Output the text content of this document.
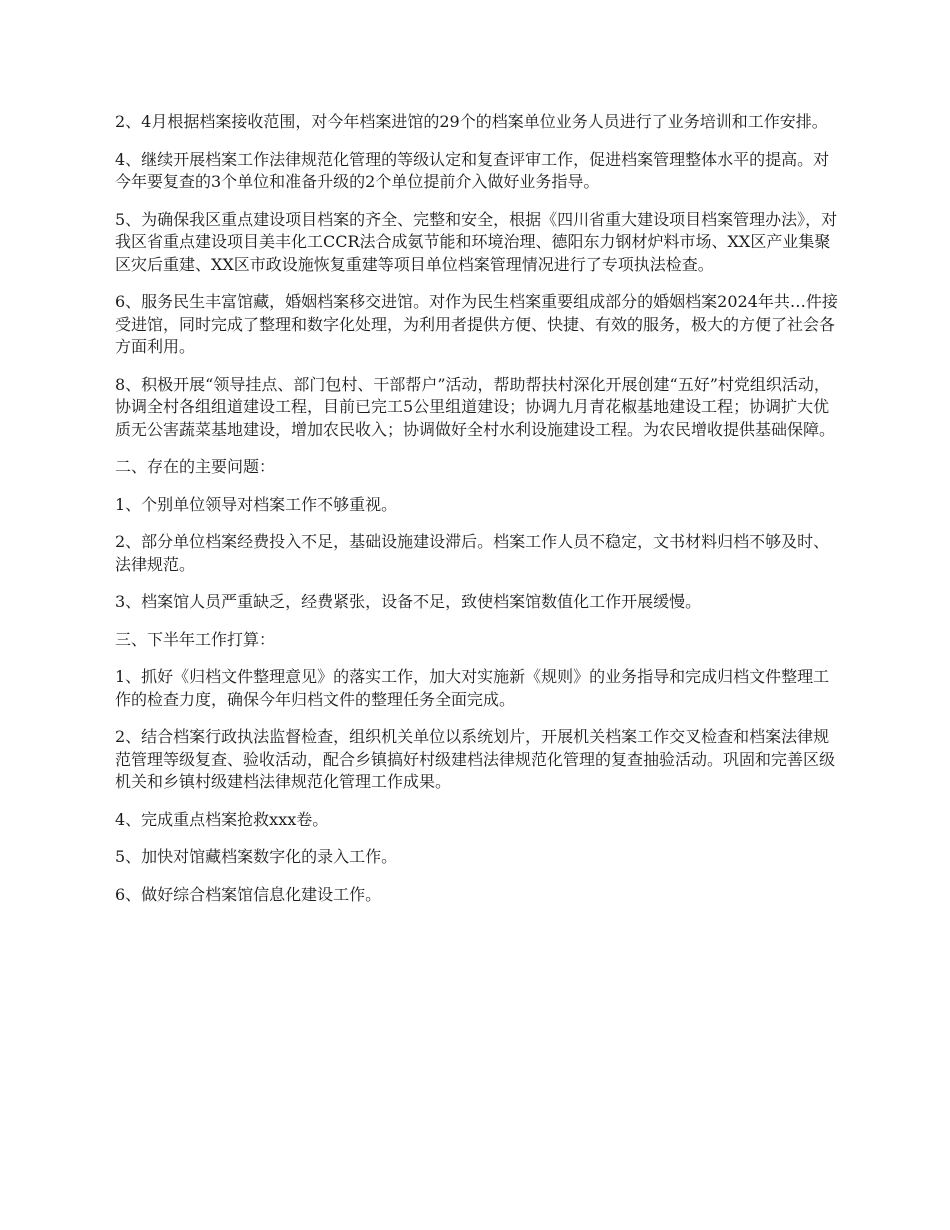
2、4月根据档案接收范围，对今年档案进馆的29个的档案单位业务人员进行了业务培训和工作安排。

4、继续开展档案工作法律规范化管理的等级认定和复查评审工作，促进档案管理整体水平的提高。对今年要复查的3个单位和准备升级的2个单位提前介入做好业务指导。

5、为确保我区重点建设项目档案的齐全、完整和安全，根据《四川省重大建设项目档案管理办法》，对我区省重点建设项目美丰化工CCR法合成氨节能和环境治理、德阳东力钢材炉料市场、XX区产业集聚区灾后重建、XX区市政设施恢复重建等项目单位档案管理情况进行了专项执法检查。

6、服务民生丰富馆藏，婚姻档案移交进馆。对作为民生档案重要组成部分的婚姻档案2024年共…件接受进馆，同时完成了整理和数字化处理，为利用者提供方便、快捷、有效的服务，极大的方便了社会各方面利用。

8、积极开展“领导挂点、部门包村、干部帮户”活动，帮助帮扶村深化开展创建“五好”村党组织活动，协调全村各组组道建设工程，目前已完工5公里组道建设；协调九月青花椒基地建设工程；协调扩大优质无公害蔬菜基地建设，增加农民收入；协调做好全村水利设施建设工程。为农民增收提供基础保障。

二、存在的主要问题：

1、个别单位领导对档案工作不够重视。

2、部分单位档案经费投入不足，基础设施建设滞后。档案工作人员不稳定，文书材料归档不够及时、法律规范。

3、档案馆人员严重缺乏，经费紧张，设备不足，致使档案馆数值化工作开展缓慢。

三、下半年工作打算：

1、抓好《归档文件整理意见》的落实工作，加大对实施新《规则》的业务指导和完成归档文件整理工作的检查力度，确保今年归档文件的整理任务全面完成。

2、结合档案行政执法监督检查，组织机关单位以系统划片，开展机关档案工作交叉检查和档案法律规范管理等级复查、验收活动，配合乡镇搞好村级建档法律规范化管理的复查抽验活动。巩固和完善区级机关和乡镇村级建档法律规范化管理工作成果。

4、完成重点档案抢救xxx卷。

5、加快对馆藏档案数字化的录入工作。

6、做好综合档案馆信息化建设工作。
